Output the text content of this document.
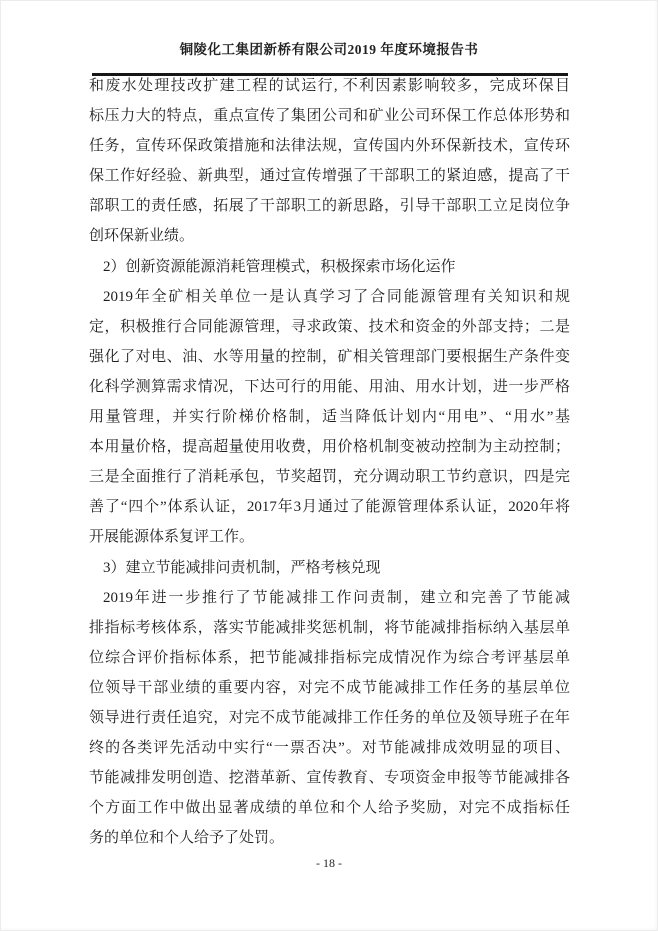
铜陵化工集团新桥有限公司2019 年度环境报告书
和废水处理技改扩建工程的试运行, 不利因素影响较多，完成环保目
标压力大的特点，重点宣传了集团公司和矿业公司环保工作总体形势和
任务，宣传环保政策措施和法律法规，宣传国内外环保新技术，宣传环
保工作好经验、新典型，通过宣传增强了干部职工的紧迫感，提高了干
部职工的责任感，拓展了干部职工的新思路，引导干部职工立足岗位争
创环保新业绩。
2）创新资源能源消耗管理模式，积极探索市场化运作
2019年全矿相关单位一是认真学习了合同能源管理有关知识和规
定，积极推行合同能源管理，寻求政策、技术和资金的外部支持；二是
强化了对电、油、水等用量的控制，矿相关管理部门要根据生产条件变
化科学测算需求情况，下达可行的用能、用油、用水计划，进一步严格
用量管理，并实行阶梯价格制，适当降低计划内“用电”、“用水”基
本用量价格，提高超量使用收费，用价格机制变被动控制为主动控制；
三是全面推行了消耗承包，节奖超罚，充分调动职工节约意识，四是完
善了“四个”体系认证，2017年3月通过了能源管理体系认证，2020年将
开展能源体系复评工作。
3）建立节能减排问责机制，严格考核兑现
2019年进一步推行了节能减排工作问责制，建立和完善了节能减
排指标考核体系，落实节能减排奖惩机制，将节能减排指标纳入基层单
位综合评价指标体系，把节能减排指标完成情况作为综合考评基层单
位领导干部业绩的重要内容，对完不成节能减排工作任务的基层单位
领导进行责任追究，对完不成节能减排工作任务的单位及领导班子在年
终的各类评先活动中实行“一票否决”。对节能减排成效明显的项目、
节能减排发明创造、挖潜革新、宣传教育、专项资金申报等节能减排各
个方面工作中做出显著成绩的单位和个人给予奖励，对完不成指标任
务的单位和个人给予了处罚。
- 18 -
